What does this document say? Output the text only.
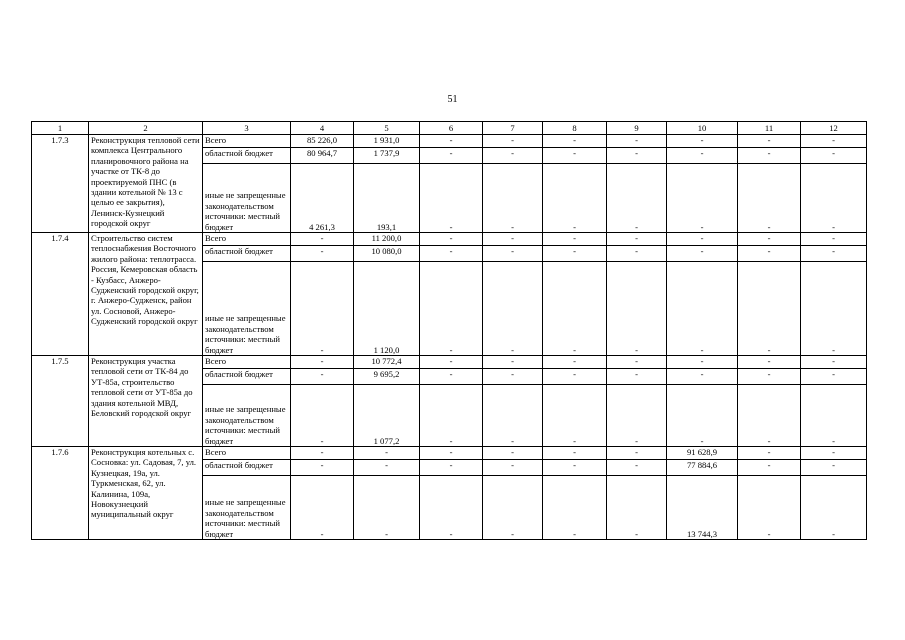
51
1	2	3	4	5	6	7	8	9	10	11	12
1.7.3	Реконструкция тепловой сети комплекса Центрального планировочного района на участке от ТК-8 до проектируемой ПНС (в здании котельной № 13 с целью ее закрытия), Ленинск-Кузнецкий городской округ	Всего	85 226,0	1 931,0	-	-	-	-	-	-	-
		областной бюджет	80 964,7	1 737,9	-	-	-	-	-	-	-
		иные не запрещенные законодательством источники: местный бюджет	4 261,3	193,1	-	-	-	-	-	-	-
1.7.4	Строительство систем теплоснабжения Восточного жилого района: теплотрасса. Россия, Кемеровская область - Кузбасс, Анжеро-Судженский городской округ, г. Анжеро-Судженск, район ул. Сосновой, Анжеро-Судженский городской округ	Всего	-	11 200,0	-	-	-	-	-	-	-
		областной бюджет	-	10 080,0	-	-	-	-	-	-	-
		иные не запрещенные законодательством источники: местный бюджет	-	1 120,0	-	-	-	-	-	-	-
1.7.5	Реконструкция участка тепловой сети от ТК-84 до УТ-85а, строительство тепловой сети от УТ-85а до здания котельной МВД, Беловский городской округ	Всего	-	10 772,4	-	-	-	-	-	-	-
		областной бюджет	-	9 695,2	-	-	-	-	-	-	-
		иные не запрещенные законодательством источники: местный бюджет	-	1 077,2	-	-	-	-	-	-	-
1.7.6	Реконструкция котельных с. Сосновка: ул. Садовая, 7, ул. Кузнецкая, 19а, ул. Туркменская, 62, ул. Калинина, 109а, Новокузнецкий муниципальный округ	Всего	-	-	-	-	-	-	91 628,9	-	-
		областной бюджет	-	-	-	-	-	-	77 884,6	-	-
		иные не запрещенные законодательством источники: местный бюджет	-	-	-	-	-	-	13 744,3	-	-
